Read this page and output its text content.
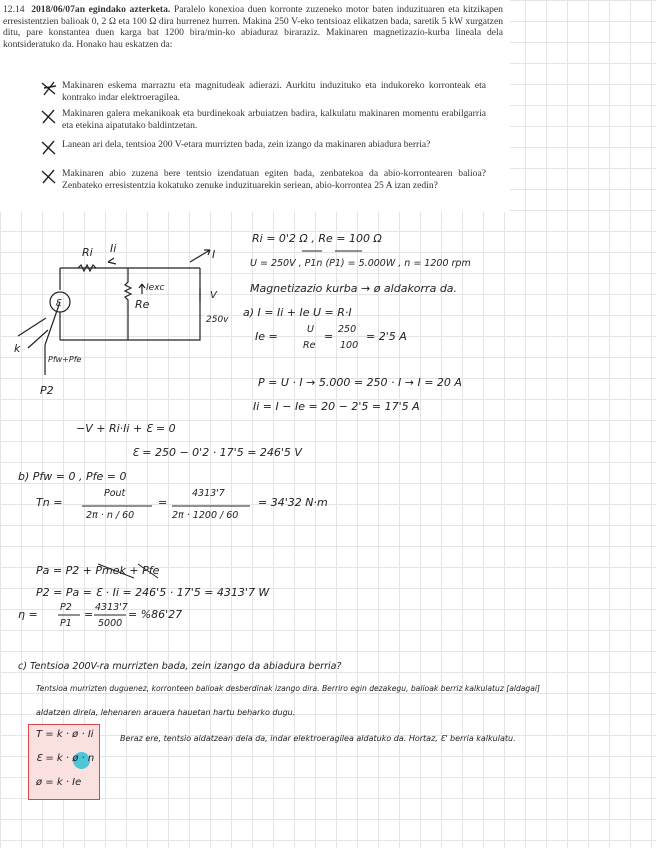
12.14 2018/06/07an egindako azterketa. Paralelo konexioa duen korronte zuzeneko motor baten induzituaren eta kitzikapen erresistentzien balioak 0, 2 Ω eta 100 Ω dira hurrenez hurren. Makina 250 V-eko tentsioaz elikatzen bada, saretik 5 kW xurgatzen ditu, pare konstantea duen karga bat 1200 bira/min-ko abiaduraz biraraziz. Makinaren magnetizazio-kurba lineala dela kontsideratuko da. Honako hau eskatzen da:
Makinaren eskema marraztu eta magnitudeak adierazi. Aurkitu induzituko eta indukoreko korronteak eta kontrako indar elektroeragilea.
Makinaren galera mekanikoak eta burdinekoak arbuiatzen badira, kalkulatu makinaren momentu erabilgarria eta etekina aipatutako baldintzetan.
Lanean ari dela, tentsioa 200 V-etara murrizten bada, zein izango da makinaren abiadura berria?
Makinaren abio zuzena bere tentsio izendatuan egiten bada, zenbatekoa da abio-korrontearen balioa? Zenbateko erresistentzia kokatuko zenuke induzituarekin seriean, abio-korrontea 25 A izan zedin?
Ri Ii	I
Iexc
Re
V
250v
Ɛ
k
Pfw+Pfe
P2
Ri = 0'2 Ω , Re = 100 Ω
U = 250V , P1n (P1) = 5.000W , n = 1200 rpm
Magnetizazio kurba → ø aldakorra da.
a) I = Ii + Ie U = R·I
Ie =
U
Re
=
250
100
= 2'5 A
P = U · I → 5.000 = 250 · I → I = 20 A
Ii = I − Ie = 20 − 2'5 = 17'5 A
−V + Ri·Ii + Ɛ = 0
Ɛ = 250 − 0'2 · 17'5 = 246'5 V
b) Pfw = 0 , Pfe = 0
Tn =
Pout
2π · n / 60
=
4313'7
2π · 1200 / 60
= 34'32 N·m
Pa = P2 + Pmek + Pfe
P2 = Pa = Ɛ · Ii = 246'5 · 17'5 = 4313'7 W
η =
P2
P1
=
4313'7
5000
= %86'27
c) Tentsioa 200V-ra murrizten bada, zein izango da abiadura berria?
Tentsioa murrizten duguenez, korronteen balioak desberdinak izango dira. Berriro egin dezakegu, balioak berriz kalkulatuz [aldagai]
aldatzen direla, lehenaren arauera hauetan hartu beharko dugu.
T = k · ø · Ii
Ɛ = k · ø · n
ø = k · Ie
Beraz ere, tentsio aldatzean dela da, indar elektroeragilea aldatuko da. Hortaz, Ɛ' berria kalkulatu.
